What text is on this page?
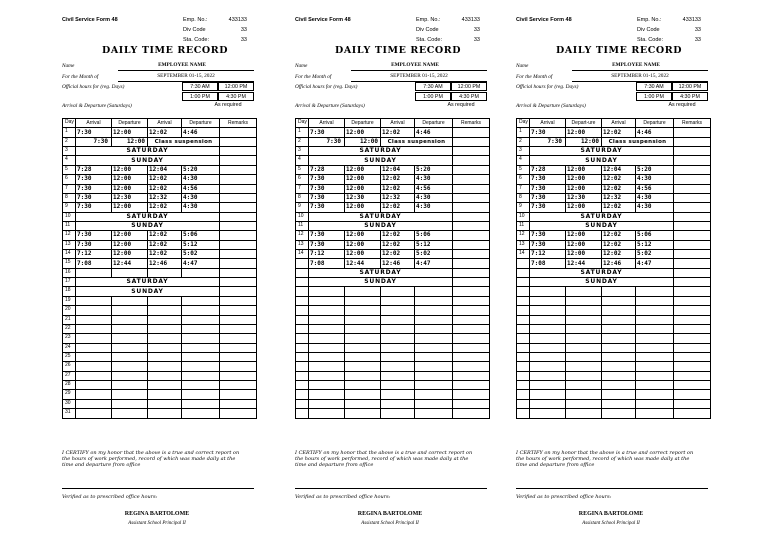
Civil Service Form 48	Emp. No.:	433133
Div Code	33
Sta. Code:	33
DAILY TIME RECORD
Name	EMPLOYEE NAME
For the Month of	SEPTEMBER 01-15, 2022
Official hours for (reg. Days)	7:30 AM	12:00 PM
1:00 PM	4:30 PM
Arrival & Departure (Saturdays)	As required
Day	Arrival	Departure	Arrival	Departure	Remarks
1	7:30	12:00	12:02	4:46	
2	7:30	12:00	Class suspension		
3	SATURDAY				
4	SUNDAY				
5	7:28	12:00	12:04	5:20	
6	7:30	12:00	12:02	4:30	
7	7:30	12:00	12:02	4:56	
8	7:30	12:30	12:32	4:30	
9	7:30	12:00	12:02	4:30	
10	SATURDAY				
11	SUNDAY				
12	7:30	12:00	12:02	5:06	
13	7:30	12:00	12:02	5:12	
14	7:12	12:00	12:02	5:02	
15	7:08	12:44	12:46	4:47	
16					
17	SATURDAY				
18	SUNDAY				
19					
20					
21					
22					
23					
24					
25					
26					
27					
28					
29					
30					
31					
I CERTIFY on my honor that the above is a true and correct report on the hours of work performed, record of which was made daily at the time and departure from office
Verified as to prescribed office hours:
REGINA BARTOLOME
Assistant School Principal II
Civil Service Form 48	Emp. No.:	433133
Div Code	33
Sta. Code:	33
DAILY TIME RECORD
Name	EMPLOYEE NAME
For the Month of	SEPTEMBER 01-15, 2022
Official hours for (reg. Days)	7:30 AM	12:00 PM
1:00 PM	4:30 PM
Arrival & Departure (Saturdays)	As required
Day	Arrival	Departure	Arrival	Departure	Remarks
1	7:30	12:00	12:02	4:46	
2	7:30	12:00	Class suspension		
3	SATURDAY				
4	SUNDAY				
5	7:28	12:00	12:04	5:20	
6	7:30	12:00	12:02	4:30	
7	7:30	12:00	12:02	4:56	
8	7:30	12:30	12:32	4:30	
9	7:30	12:00	12:02	4:30	
10	SATURDAY				
11	SUNDAY				
12	7:30	12:00	12:02	5:06	
13	7:30	12:00	12:02	5:12	
14	7:12	12:00	12:02	5:02	
	7:08	12:44	12:46	4:47	
	SATURDAY				
	SUNDAY				

I CERTIFY on my honor that the above is a true and correct report on the hours of work performed, record of which was made daily at the time and departure from office
Verified as to prescribed office hours:
REGINA BARTOLOME
Assistant School Principal II
Civil Service Form 48	Emp. No.:	433133
Div Code	33
Sta. Code:	33
DAILY TIME RECORD
Name	EMPLOYEE NAME
For the Month of	SEPTEMBER 01-15, 2022
Official hours for (reg. Days)	7:30 AM	12:00 PM
1:00 PM	4:30 PM
Arrival & Departure (Saturdays)	As required
Day	Arrival	Depart-ure	Arrival	Departure	Remarks
1	7:30	12:00	12:02	4:46	
2	7:30	12:00	Class suspension		
3	SATURDAY				
4	SUNDAY				
5	7:28	12:00	12:04	5:20	
6	7:30	12:00	12:02	4:30	
7	7:30	12:00	12:02	4:56	
8	7:30	12:30	12:32	4:30	
9	7:30	12:00	12:02	4:30	
10	SATURDAY				
11	SUNDAY				
12	7:30	12:00	12:02	5:06	
13	7:30	12:00	12:02	5:12	
14	7:12	12:00	12:02	5:02	
	7:08	12:44	12:46	4:47	
	SATURDAY				
	SUNDAY				

I CERTIFY on my honor that the above is a true and correct report on the hours of work performed, record of which was made daily at the time and departure from office
Verified as to prescribed office hours:
REGINA BARTOLOME
Assistant School Principal II
